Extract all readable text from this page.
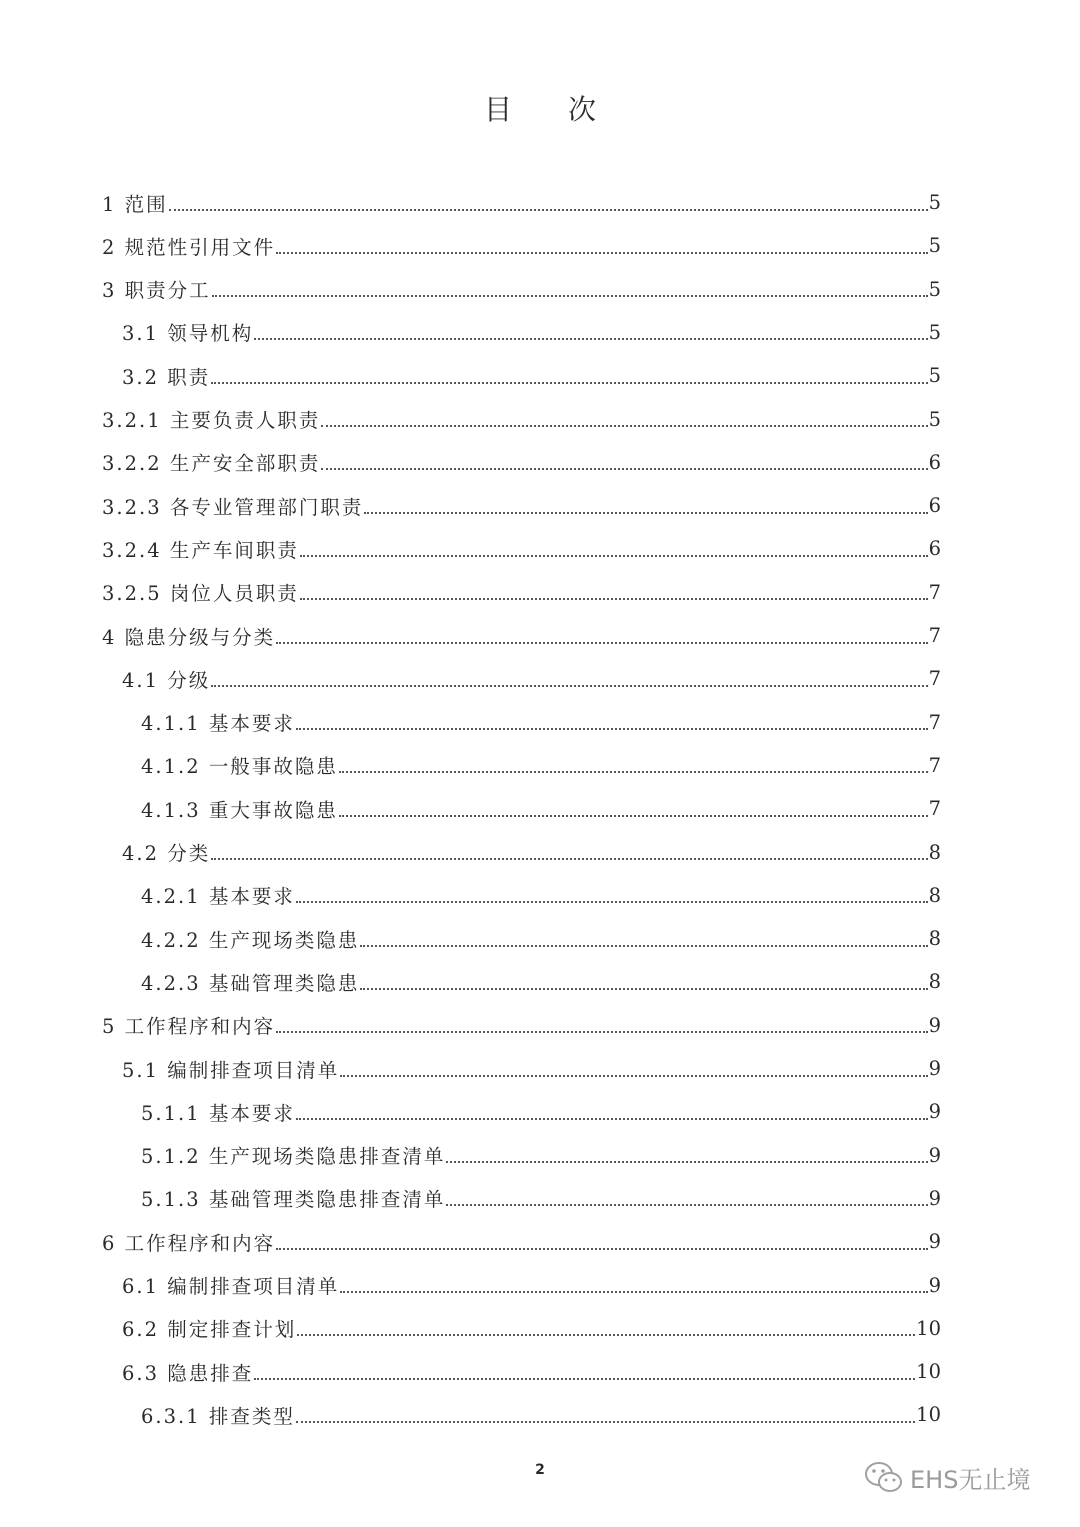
目 次
1 范围	5
2 规范性引用文件	5
3 职责分工	5
3.1 领导机构	5
3.2 职责	5
3.2.1 主要负责人职责	5
3.2.2 生产安全部职责	6
3.2.3 各专业管理部门职责	6
3.2.4 生产车间职责	6
3.2.5 岗位人员职责	7
4 隐患分级与分类	7
4.1 分级	7
4.1.1 基本要求	7
4.1.2 一般事故隐患	7
4.1.3 重大事故隐患	7
4.2 分类	8
4.2.1 基本要求	8
4.2.2 生产现场类隐患	8
4.2.3 基础管理类隐患	8
5 工作程序和内容	9
5.1 编制排查项目清单	9
5.1.1 基本要求	9
5.1.2 生产现场类隐患排查清单	9
5.1.3 基础管理类隐患排查清单	9
6 工作程序和内容	9
6.1 编制排查项目清单	9
6.2 制定排查计划	10
6.3 隐患排查	10
6.3.1 排查类型	10
2	EHS无止境
